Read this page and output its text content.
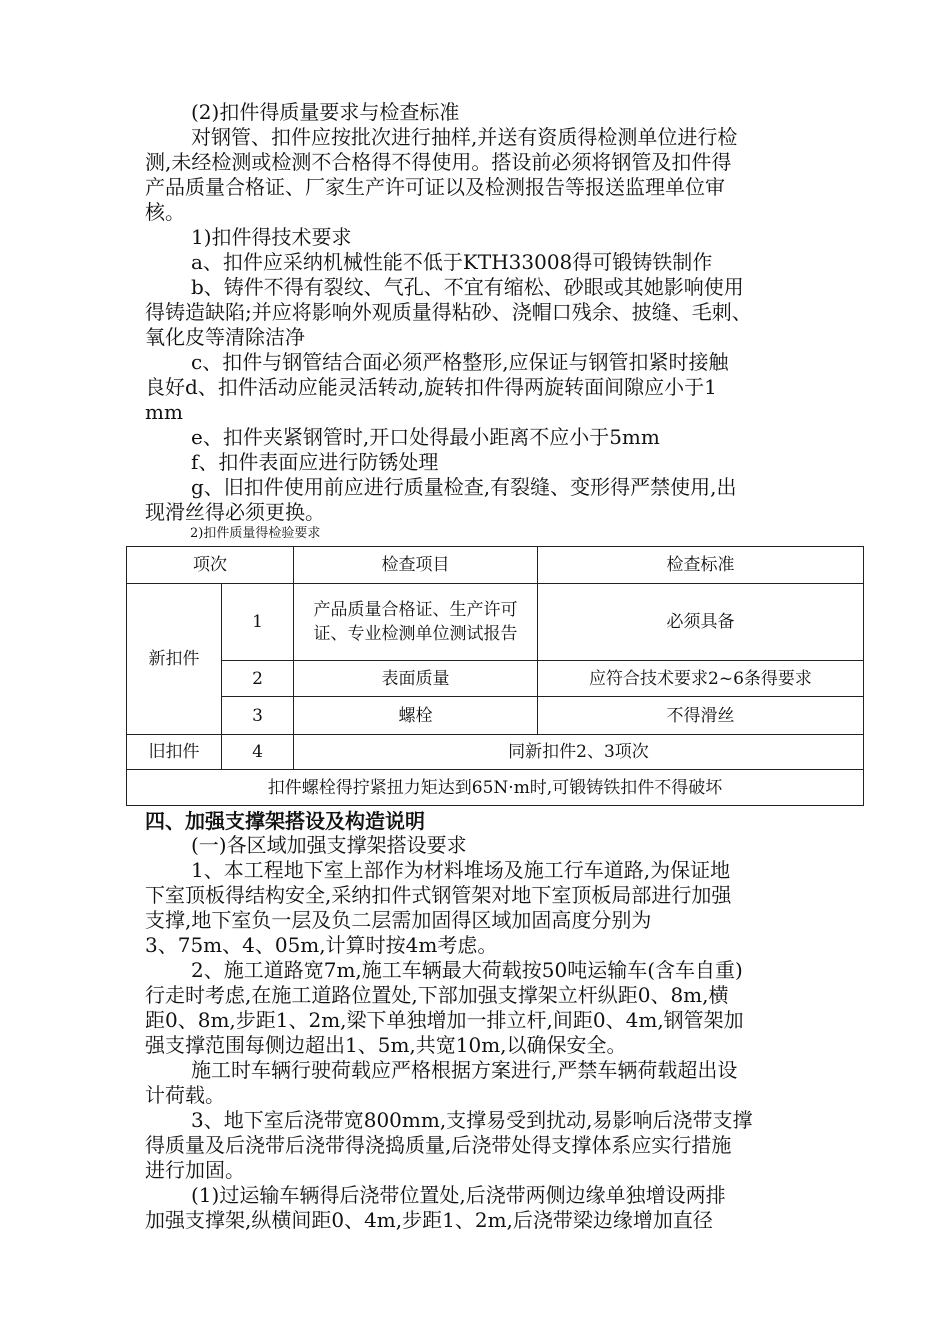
(2)扣件得质量要求与检查标准
对钢管、扣件应按批次进行抽样,并送有资质得检测单位进行检
测,未经检测或检测不合格得不得使用。搭设前必须将钢管及扣件得
产品质量合格证、厂家生产许可证以及检测报告等报送监理单位审
核。
1)扣件得技术要求
a、扣件应采纳机械性能不低于KTH33008得可锻铸铁制作
b、铸件不得有裂纹、气孔、不宜有缩松、砂眼或其她影响使用
得铸造缺陷;并应将影响外观质量得粘砂、浇帽口残余、披缝、毛刺、
氧化皮等清除洁净
c、扣件与钢管结合面必须严格整形,应保证与钢管扣紧时接触
良好d、扣件活动应能灵活转动,旋转扣件得两旋转面间隙应小于1
mm
e、扣件夹紧钢管时,开口处得最小距离不应小于5mm
f、扣件表面应进行防锈处理
g、旧扣件使用前应进行质量检查,有裂缝、变形得严禁使用,出
现滑丝得必须更换。
2)扣件质量得检验要求
项次		检查项目	检查标准
新扣件	1	产品质量合格证、生产许可证、专业检测单位测试报告	必须具备
	2	表面质量	应符合技术要求2~6条得要求
	3	螺栓	不得滑丝
旧扣件	4	同新扣件2、3项次	
扣件螺栓得拧紧扭力矩达到65N·m时,可锻铸铁扣件不得破坏			
四、加强支撑架搭设及构造说明
(一)各区域加强支撑架搭设要求
1、本工程地下室上部作为材料堆场及施工行车道路,为保证地
下室顶板得结构安全,采纳扣件式钢管架对地下室顶板局部进行加强
支撑,地下室负一层及负二层需加固得区域加固高度分别为
3、75m、4、05m,计算时按4m考虑。
2、施工道路宽7m,施工车辆最大荷载按50吨运输车(含车自重)
行走时考虑,在施工道路位置处,下部加强支撑架立杆纵距0、8m,横
距0、8m,步距1、2m,梁下单独增加一排立杆,间距0、4m,钢管架加
强支撑范围每侧边超出1、5m,共宽10m,以确保安全。
施工时车辆行驶荷载应严格根据方案进行,严禁车辆荷载超出设
计荷载。
3、地下室后浇带宽800mm,支撑易受到扰动,易影响后浇带支撑
得质量及后浇带后浇带得浇捣质量,后浇带处得支撑体系应实行措施
进行加固。
(1)过运输车辆得后浇带位置处,后浇带两侧边缘单独增设两排
加强支撑架,纵横间距0、4m,步距1、2m,后浇带梁边缘增加直径
